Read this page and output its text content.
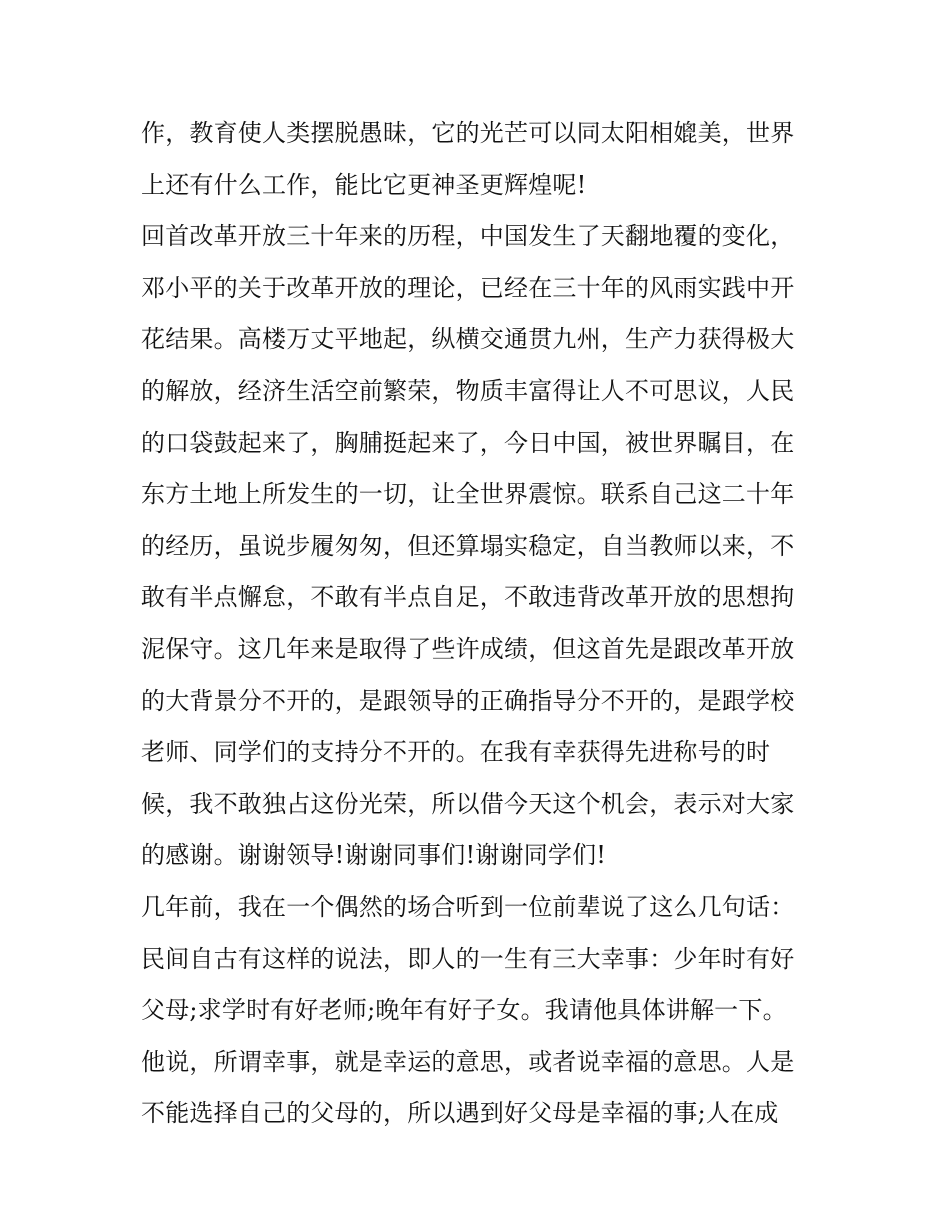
作，教育使人类摆脱愚昧，它的光芒可以同太阳相媲美，世界
上还有什么工作，能比它更神圣更辉煌呢!
回首改革开放三十年来的历程，中国发生了天翻地覆的变化，
邓小平的关于改革开放的理论，已经在三十年的风雨实践中开
花结果。高楼万丈平地起，纵横交通贯九州，生产力获得极大
的解放，经济生活空前繁荣，物质丰富得让人不可思议，人民
的口袋鼓起来了，胸脯挺起来了，今日中国，被世界瞩目，在
东方土地上所发生的一切，让全世界震惊。联系自己这二十年
的经历，虽说步履匆匆，但还算塌实稳定，自当教师以来，不
敢有半点懈怠，不敢有半点自足，不敢违背改革开放的思想拘
泥保守。这几年来是取得了些许成绩，但这首先是跟改革开放
的大背景分不开的，是跟领导的正确指导分不开的，是跟学校
老师、同学们的支持分不开的。在我有幸获得先进称号的时
候，我不敢独占这份光荣，所以借今天这个机会，表示对大家
的感谢。谢谢领导!谢谢同事们!谢谢同学们!
几年前，我在一个偶然的场合听到一位前辈说了这么几句话：
民间自古有这样的说法，即人的一生有三大幸事：少年时有好
父母;求学时有好老师;晚年有好子女。我请他具体讲解一下。
他说，所谓幸事，就是幸运的意思，或者说幸福的意思。人是
不能选择自己的父母的，所以遇到好父母是幸福的事;人在成
